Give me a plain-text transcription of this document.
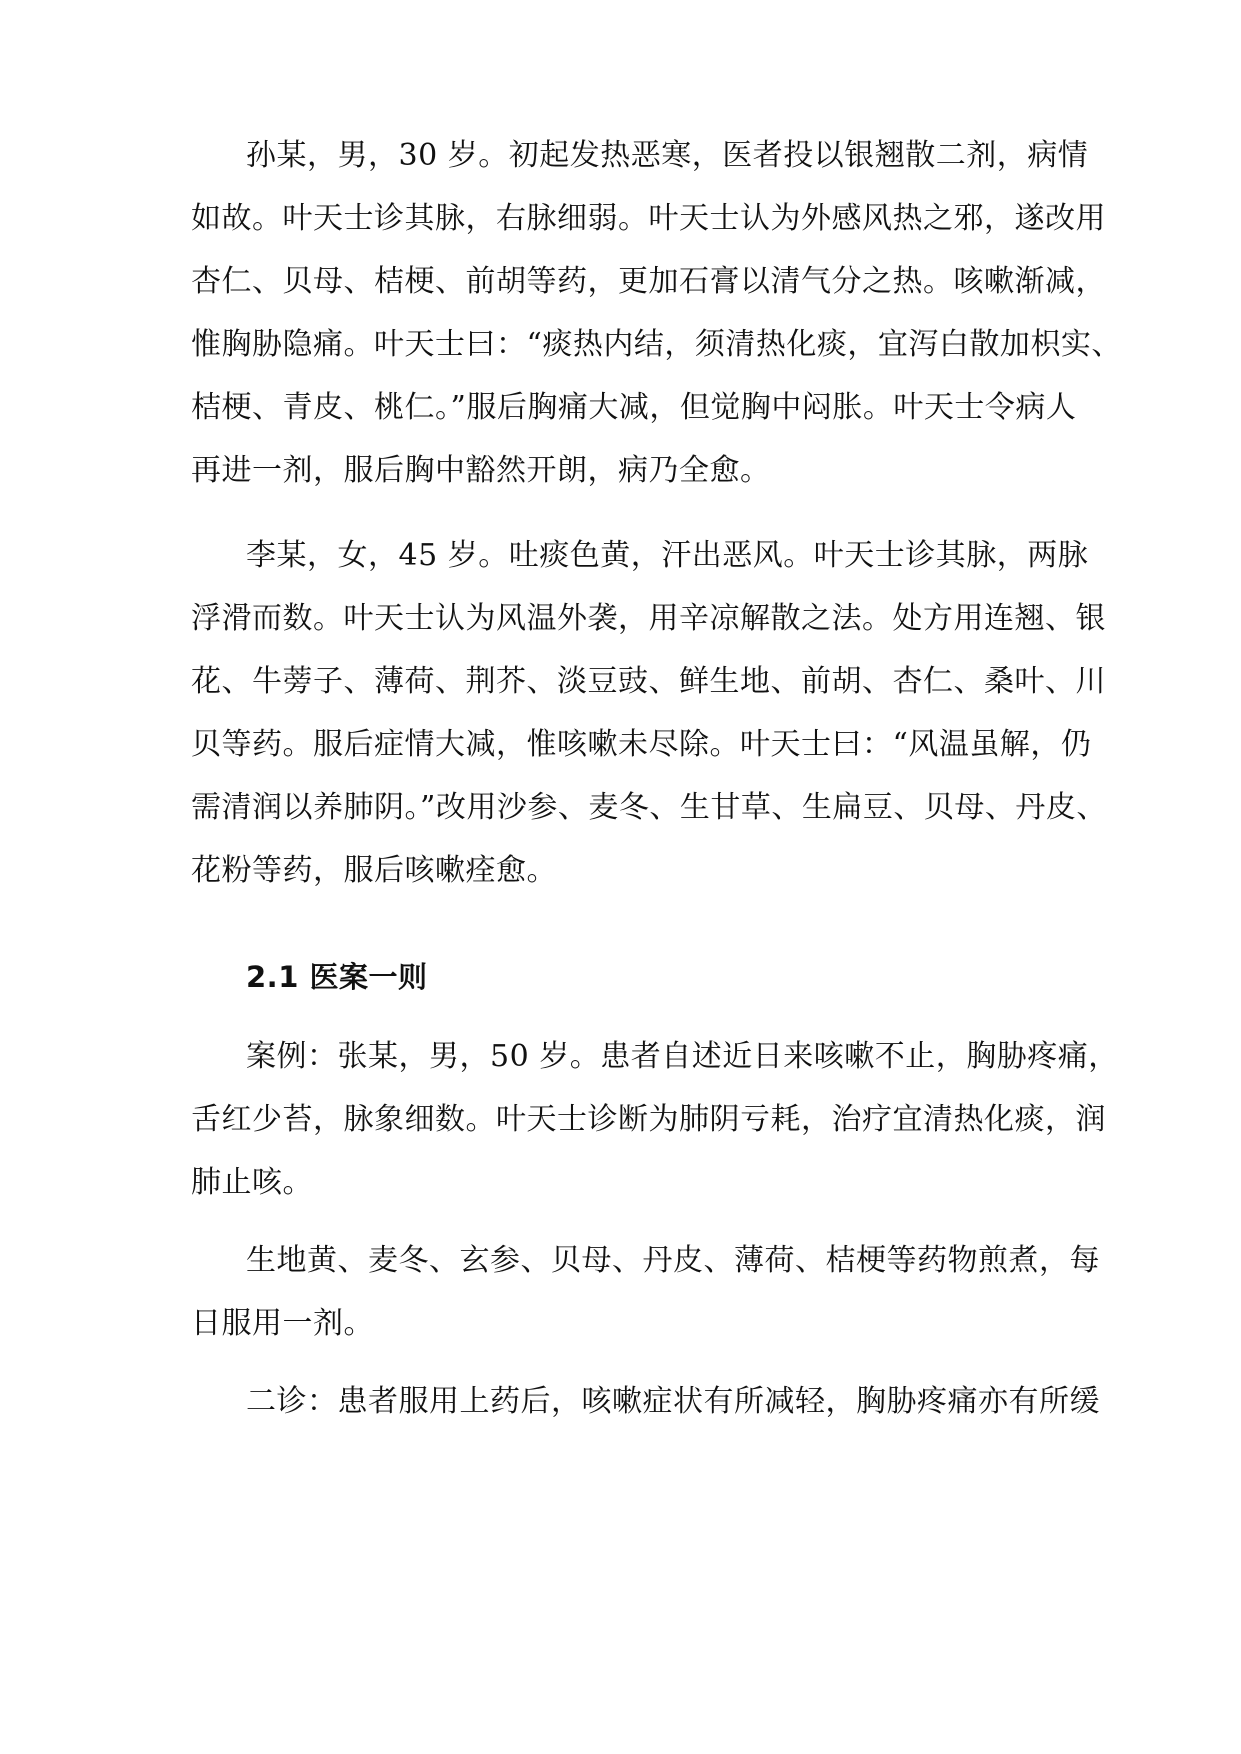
孙某，男，30 岁。初起发热恶寒，医者投以银翘散二剂，病情
如故。叶天士诊其脉，右脉细弱。叶天士认为外感风热之邪，遂改用
杏仁、贝母、桔梗、前胡等药，更加石膏以清气分之热。咳嗽渐减，
惟胸胁隐痛。叶天士曰：“痰热内结，须清热化痰，宜泻白散加枳实、
桔梗、青皮、桃仁。”服后胸痛大减，但觉胸中闷胀。叶天士令病人
再进一剂，服后胸中豁然开朗，病乃全愈。
李某，女，45 岁。吐痰色黄，汗出恶风。叶天士诊其脉，两脉
浮滑而数。叶天士认为风温外袭，用辛凉解散之法。处方用连翘、银
花、牛蒡子、薄荷、荆芥、淡豆豉、鲜生地、前胡、杏仁、桑叶、川
贝等药。服后症情大减，惟咳嗽未尽除。叶天士曰：“风温虽解，仍
需清润以养肺阴。”改用沙参、麦冬、生甘草、生扁豆、贝母、丹皮、
花粉等药，服后咳嗽痊愈。
2.1 医案一则
案例：张某，男，50 岁。患者自述近日来咳嗽不止，胸胁疼痛，
舌红少苔，脉象细数。叶天士诊断为肺阴亏耗，治疗宜清热化痰，润
肺止咳。
生地黄、麦冬、玄参、贝母、丹皮、薄荷、桔梗等药物煎煮，每
日服用一剂。
二诊：患者服用上药后，咳嗽症状有所减轻，胸胁疼痛亦有所缓
